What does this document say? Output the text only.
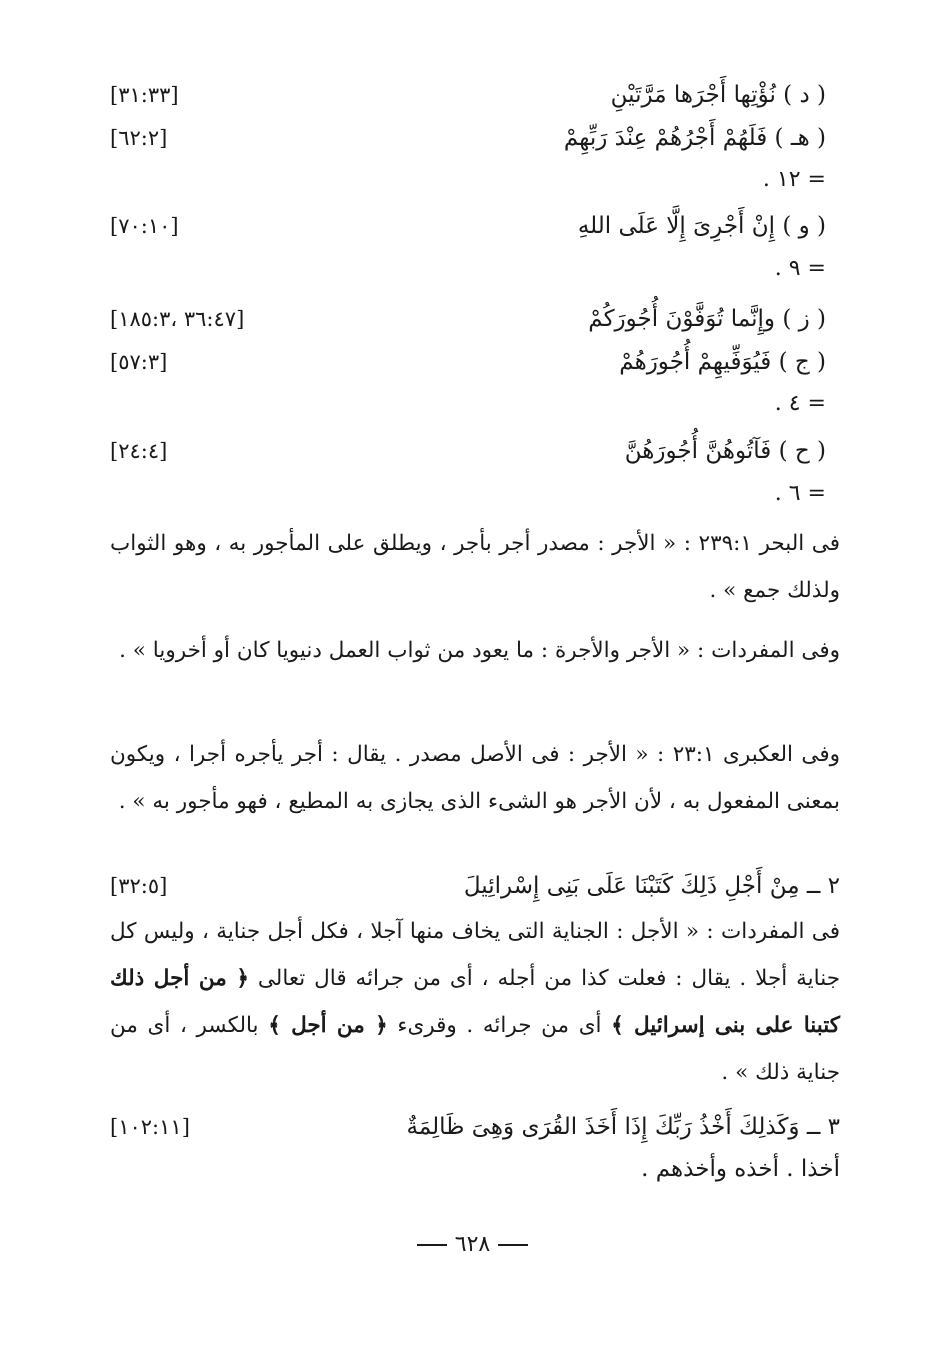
( د ) نُؤْتِها أَجْرَها مَرَّتَيْنِ
[٣١:٣٣]
( هـ ) فَلَهُمْ أَجْرُهُمْ عِنْدَ رَبِّهِمْ
[٦٢:٢]
= ١٢ .
( و ) إِنْ أَجْرِىَ إِلَّا عَلَى اللهِ
[٧٠:١٠]
= ٩ .
( ز ) وإِنَّما تُوَفَّوْنَ أُجُورَكُمْ
[٣٦:٤٧ ،١٨٥:٣]
( ج ) فَيُوَفِّيهِمْ أُجُورَهُمْ
[٥٧:٣]
= ٤ .
( ح ) فَآتُوهُنَّ أُجُورَهُنَّ
[٢٤:٤]
= ٦ .

فى البحر ٢٣٩:١ : « الأجر : مصدر أجر بأجر ، ويطلق على المأجور به ، وهو الثواب ولذلك جمع » .

وفى المفردات : « الأجر والأجرة : ما يعود من ثواب العمل دنيويا كان أو أخرويا » .

وفى العكبرى ٢٣:١ : « الأجر : فى الأصل مصدر . يقال : أجر يأجره أجرا ، ويكون بمعنى المفعول به ، لأن الأجر هو الشىء الذى يجازى به المطيع ، فهو مأجور به » .

٢ ــ مِنْ أَجْلِ ذَلِكَ كَتَبْنَا عَلَى بَنِى إِسْرائِيلَ
[٣٢:٥]

فى المفردات : « الأجل : الجناية التى يخاف منها آجلا ، فكل أجل جناية ، وليس كل جناية أجلا . يقال : فعلت كذا من أجله ، أى من جرائه قال تعالى ﴿ من أجل ذلك كتبنا على بنى إسرائيل ﴾ أى من جرائه . وقرىء ﴿ من أجل ﴾ بالكسر ، أى من جناية ذلك » .

٣ ــ وَكَذلِكَ أَخْذُ رَبِّكَ إِذَا أَخَذَ القُرَى وَهِىَ ظَالِمَةٌ
[١٠٢:١١]
أخذا . أخذه وأخذهم .
٦٢٨
